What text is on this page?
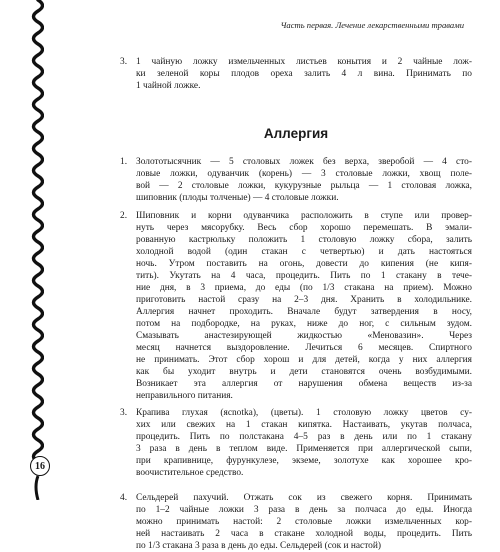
16
Часть первая. Лечение лекарственными травами
3. 1 чайную ложку измельченных листьев конытия и 2 чайные лож-
ки зеленой коры плодов ореха залить 4 л вина. Принимать по
1 чайной ложке.
Аллергия
1. Золототысячник — 5 столовых ложек без верха, зверобой — 4 сто-
ловые ложки, одуванчик (корень) — 3 столовые ложки, хвощ поле-
вой — 2 столовые ложки, кукурузные рыльца — 1 столовая ложка,
шиповник (плоды толченые) — 4 столовые ложки.
2. Шиповник и корни одуванчика расположить в ступе или провер-
нуть через мясорубку. Весь сбор хорошо перемешать. В эмали-
рованную кастрюльку положить 1 столовую ложку сбора, залить
холодной водой (один стакан с четвертью) и дать настояться
ночь. Утром поставить на огонь, довести до кипения (не кипя-
тить). Укутать на 4 часа, процедить. Пить по 1 стакану в тече-
ние дня, в 3 приема, до еды (по 1/3 стакана на прием). Можно
приготовить настой сразу на 2–3 дня. Хранить в холодильнике.
Аллергия начнет проходить. Вначале будут затвердения в носу,
потом на подбородке, на руках, ниже до ног, с сильным зудом.
Смазывать анастезирующей жидкостью «Меновазин». Через
месяц начнется выздоровление. Лечиться 6 месяцев. Спиртного
не принимать. Этот сбор хорош и для детей, когда у них аллергия
как бы уходит внутрь и дети становятся очень возбудимыми.
Возникает эта аллергия от нарушения обмена веществ из-за
неправильного питания.
3. Крапива глухая (ясnotka), (цветы). 1 столовую ложку цветов су-
хих или свежих на 1 стакан кипятка. Настаивать, укутав полчаса,
процедить. Пить по полстакана 4–5 раз в день или по 1 стакану
3 раза в день в теплом виде. Применяется при аллергической сыпи,
при крапивнице, фурункулезе, экземе, золотухе как хорошее кро-
воочистительное средство.
4. Сельдерей пахучий. Отжать сок из свежего корня. Принимать
по 1–2 чайные ложки 3 раза в день за полчаса до еды. Иногда
можно принимать настой: 2 столовые ложки измельченных кор-
ней настаивать 2 часа в стакане холодной воды, процедить. Пить
по 1/3 стакана 3 раза в день до еды. Сельдерей (сок и настой)
